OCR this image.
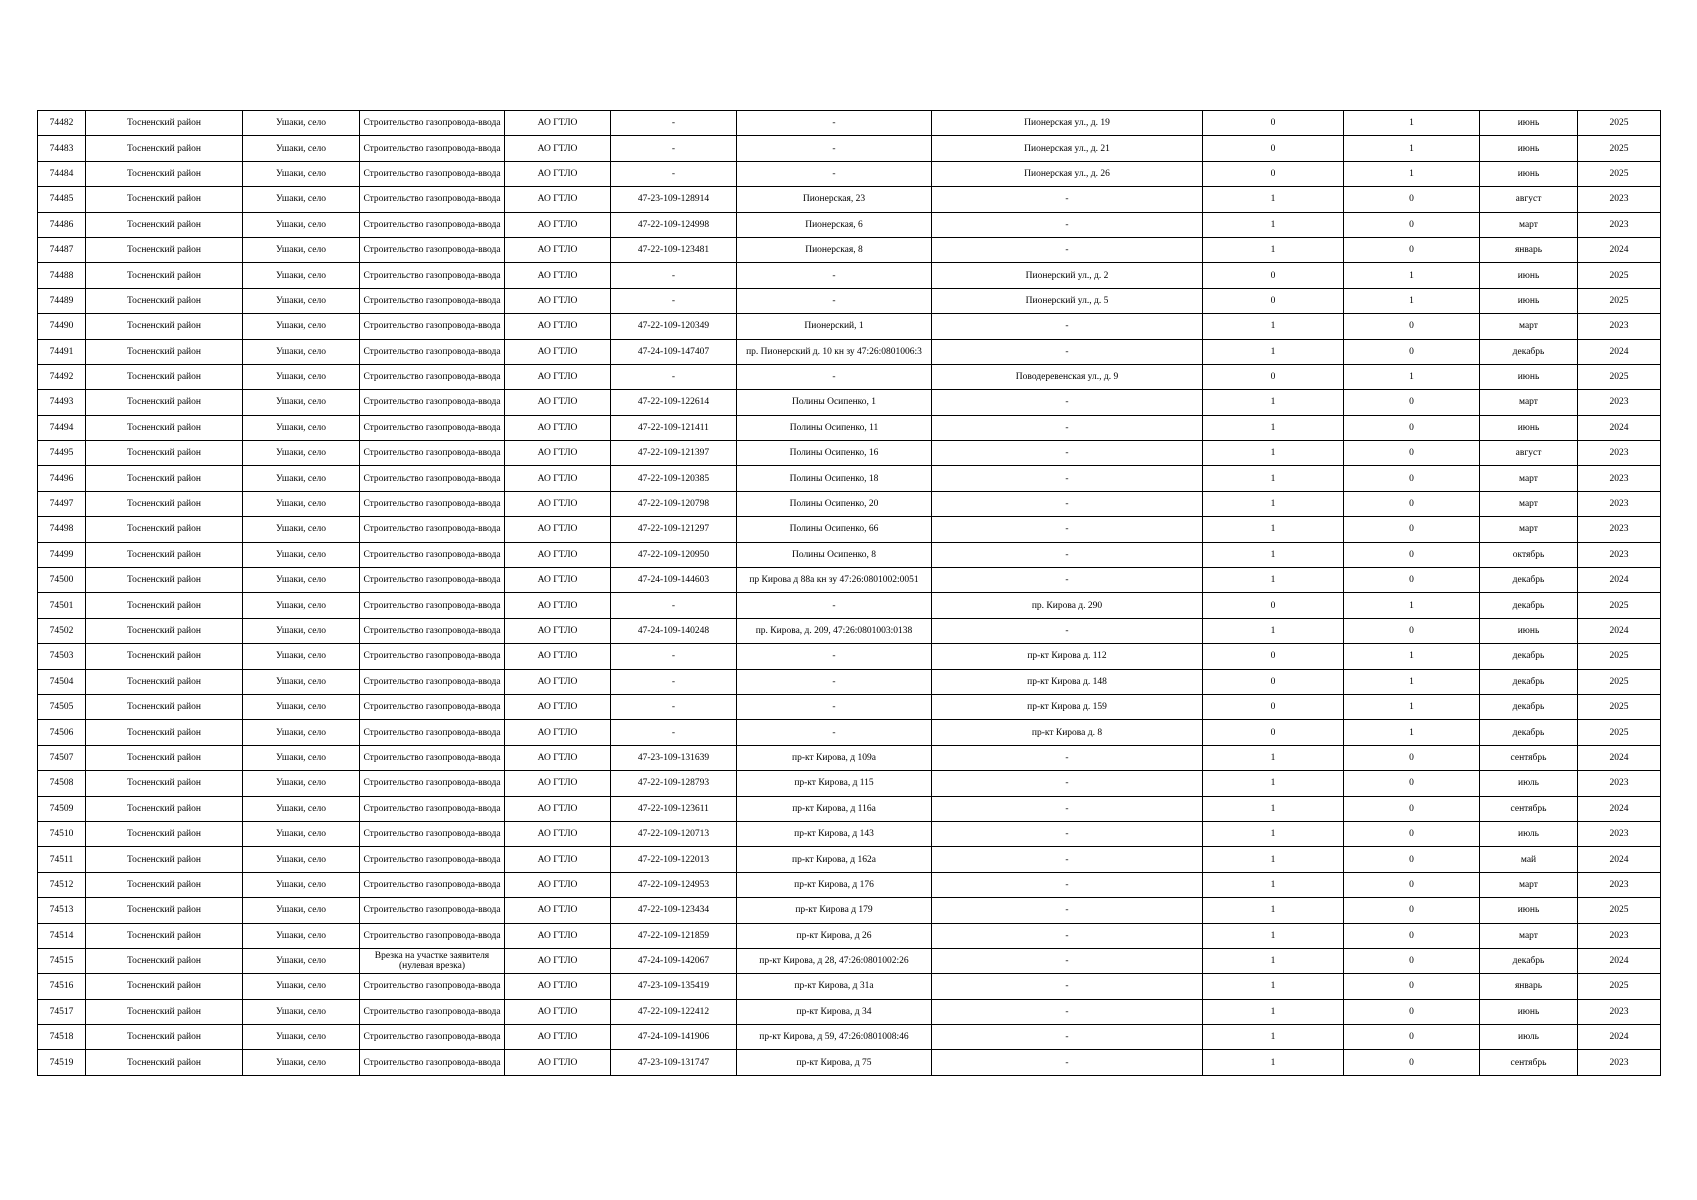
74482	Тосненский район	Ушаки, село	Строительство газопровода-ввода	АО ГТЛО	-	-	Пионерская ул., д. 19	0	1	июнь	2025
74483	Тосненский район	Ушаки, село	Строительство газопровода-ввода	АО ГТЛО	-	-	Пионерская ул., д. 21	0	1	июнь	2025
74484	Тосненский район	Ушаки, село	Строительство газопровода-ввода	АО ГТЛО	-	-	Пионерская ул., д. 26	0	1	июнь	2025
74485	Тосненский район	Ушаки, село	Строительство газопровода-ввода	АО ГТЛО	47-23-109-128914	Пионерская, 23	-	1	0	август	2023
74486	Тосненский район	Ушаки, село	Строительство газопровода-ввода	АО ГТЛО	47-22-109-124998	Пионерская, 6	-	1	0	март	2023
74487	Тосненский район	Ушаки, село	Строительство газопровода-ввода	АО ГТЛО	47-22-109-123481	Пионерская, 8	-	1	0	январь	2024
74488	Тосненский район	Ушаки, село	Строительство газопровода-ввода	АО ГТЛО	-	-	Пионерский ул., д. 2	0	1	июнь	2025
74489	Тосненский район	Ушаки, село	Строительство газопровода-ввода	АО ГТЛО	-	-	Пионерский ул., д. 5	0	1	июнь	2025
74490	Тосненский район	Ушаки, село	Строительство газопровода-ввода	АО ГТЛО	47-22-109-120349	Пионерский, 1	-	1	0	март	2023
74491	Тосненский район	Ушаки, село	Строительство газопровода-ввода	АО ГТЛО	47-24-109-147407	пр. Пионерский д. 10 кн зу 47:26:0801006:3	-	1	0	декабрь	2024
74492	Тосненский район	Ушаки, село	Строительство газопровода-ввода	АО ГТЛО	-	-	Поводеревенская ул., д. 9	0	1	июнь	2025
74493	Тосненский район	Ушаки, село	Строительство газопровода-ввода	АО ГТЛО	47-22-109-122614	Полины Осипенко, 1	-	1	0	март	2023
74494	Тосненский район	Ушаки, село	Строительство газопровода-ввода	АО ГТЛО	47-22-109-121411	Полины Осипенко, 11	-	1	0	июнь	2024
74495	Тосненский район	Ушаки, село	Строительство газопровода-ввода	АО ГТЛО	47-22-109-121397	Полины Осипенко, 16	-	1	0	август	2023
74496	Тосненский район	Ушаки, село	Строительство газопровода-ввода	АО ГТЛО	47-22-109-120385	Полины Осипенко, 18	-	1	0	март	2023
74497	Тосненский район	Ушаки, село	Строительство газопровода-ввода	АО ГТЛО	47-22-109-120798	Полины Осипенко, 20	-	1	0	март	2023
74498	Тосненский район	Ушаки, село	Строительство газопровода-ввода	АО ГТЛО	47-22-109-121297	Полины Осипенко, 66	-	1	0	март	2023
74499	Тосненский район	Ушаки, село	Строительство газопровода-ввода	АО ГТЛО	47-22-109-120950	Полины Осипенко, 8	-	1	0	октябрь	2023
74500	Тосненский район	Ушаки, село	Строительство газопровода-ввода	АО ГТЛО	47-24-109-144603	пр Кирова д 88а кн зу 47:26:0801002:0051	-	1	0	декабрь	2024
74501	Тосненский район	Ушаки, село	Строительство газопровода-ввода	АО ГТЛО	-	-	пр. Кирова д. 290	0	1	декабрь	2025
74502	Тосненский район	Ушаки, село	Строительство газопровода-ввода	АО ГТЛО	47-24-109-140248	пр. Кирова, д. 209, 47:26:0801003:0138	-	1	0	июнь	2024
74503	Тосненский район	Ушаки, село	Строительство газопровода-ввода	АО ГТЛО	-	-	пр-кт Кирова д. 112	0	1	декабрь	2025
74504	Тосненский район	Ушаки, село	Строительство газопровода-ввода	АО ГТЛО	-	-	пр-кт Кирова д. 148	0	1	декабрь	2025
74505	Тосненский район	Ушаки, село	Строительство газопровода-ввода	АО ГТЛО	-	-	пр-кт Кирова д. 159	0	1	декабрь	2025
74506	Тосненский район	Ушаки, село	Строительство газопровода-ввода	АО ГТЛО	-	-	пр-кт Кирова д. 8	0	1	декабрь	2025
74507	Тосненский район	Ушаки, село	Строительство газопровода-ввода	АО ГТЛО	47-23-109-131639	пр-кт Кирова, д 109а	-	1	0	сентябрь	2024
74508	Тосненский район	Ушаки, село	Строительство газопровода-ввода	АО ГТЛО	47-22-109-128793	пр-кт Кирова, д 115	-	1	0	июль	2023
74509	Тосненский район	Ушаки, село	Строительство газопровода-ввода	АО ГТЛО	47-22-109-123611	пр-кт Кирова, д 116а	-	1	0	сентябрь	2024
74510	Тосненский район	Ушаки, село	Строительство газопровода-ввода	АО ГТЛО	47-22-109-120713	пр-кт Кирова, д 143	-	1	0	июль	2023
74511	Тосненский район	Ушаки, село	Строительство газопровода-ввода	АО ГТЛО	47-22-109-122013	пр-кт Кирова, д 162а	-	1	0	май	2024
74512	Тосненский район	Ушаки, село	Строительство газопровода-ввода	АО ГТЛО	47-22-109-124953	пр-кт Кирова, д 176	-	1	0	март	2023
74513	Тосненский район	Ушаки, село	Строительство газопровода-ввода	АО ГТЛО	47-22-109-123434	пр-кт Кирова д 179	-	1	0	июнь	2025
74514	Тосненский район	Ушаки, село	Строительство газопровода-ввода	АО ГТЛО	47-22-109-121859	пр-кт Кирова, д 26	-	1	0	март	2023
74515	Тосненский район	Ушаки, село	Врезка на участке заявителя (нулевая врезка)	АО ГТЛО	47-24-109-142067	пр-кт Кирова, д 28, 47:26:0801002:26	-	1	0	декабрь	2024
74516	Тосненский район	Ушаки, село	Строительство газопровода-ввода	АО ГТЛО	47-23-109-135419	пр-кт Кирова, д 31а	-	1	0	январь	2025
74517	Тосненский район	Ушаки, село	Строительство газопровода-ввода	АО ГТЛО	47-22-109-122412	пр-кт Кирова, д 34	-	1	0	июнь	2023
74518	Тосненский район	Ушаки, село	Строительство газопровода-ввода	АО ГТЛО	47-24-109-141906	пр-кт Кирова, д 59, 47:26:0801008:46	-	1	0	июль	2024
74519	Тосненский район	Ушаки, село	Строительство газопровода-ввода	АО ГТЛО	47-23-109-131747	пр-кт Кирова, д 75	-	1	0	сентябрь	2023
